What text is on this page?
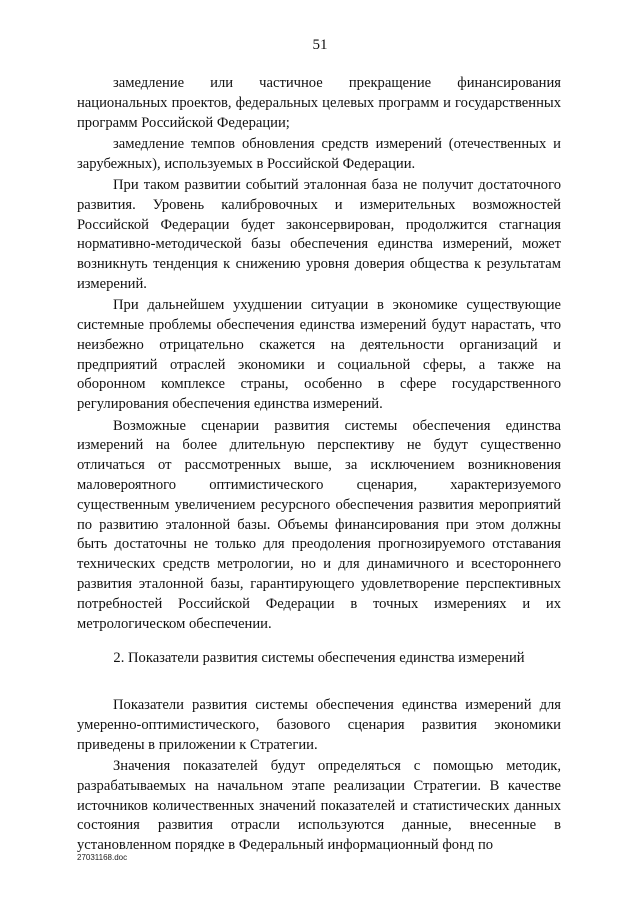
51

замедление или частичное прекращение финансирования национальных проектов, федеральных целевых программ и государственных программ Российской Федерации;

замедление темпов обновления средств измерений (отечественных и зарубежных), используемых в Российской Федерации.

При таком развитии событий эталонная база не получит достаточного развития. Уровень калибровочных и измерительных возможностей Российской Федерации будет законсервирован, продолжится стагнация нормативно-методической базы обеспечения единства измерений, может возникнуть тенденция к снижению уровня доверия общества к результатам измерений.

При дальнейшем ухудшении ситуации в экономике существующие системные проблемы обеспечения единства измерений будут нарастать, что неизбежно отрицательно скажется на деятельности организаций и предприятий отраслей экономики и социальной сферы, а также на оборонном комплексе страны, особенно в сфере государственного регулирования обеспечения единства измерений.

Возможные сценарии развития системы обеспечения единства измерений на более длительную перспективу не будут существенно отличаться от рассмотренных выше, за исключением возникновения маловероятного оптимистического сценария, характеризуемого существенным увеличением ресурсного обеспечения развития мероприятий по развитию эталонной базы. Объемы финансирования при этом должны быть достаточны не только для преодоления прогнозируемого отставания технических средств метрологии, но и для динамичного и всестороннего развития эталонной базы, гарантирующего удовлетворение перспективных потребностей Российской Федерации в точных измерениях и их метрологическом обеспечении.

2. Показатели развития системы обеспечения единства измерений

Показатели развития системы обеспечения единства измерений для умеренно-оптимистического, базового сценария развития экономики приведены в приложении к Стратегии.

Значения показателей будут определяться с помощью методик, разрабатываемых на начальном этапе реализации Стратегии. В качестве источников количественных значений показателей и статистических данных состояния развития отрасли используются данные, внесенные в установленном порядке в Федеральный информационный фонд по

27031168.doc
